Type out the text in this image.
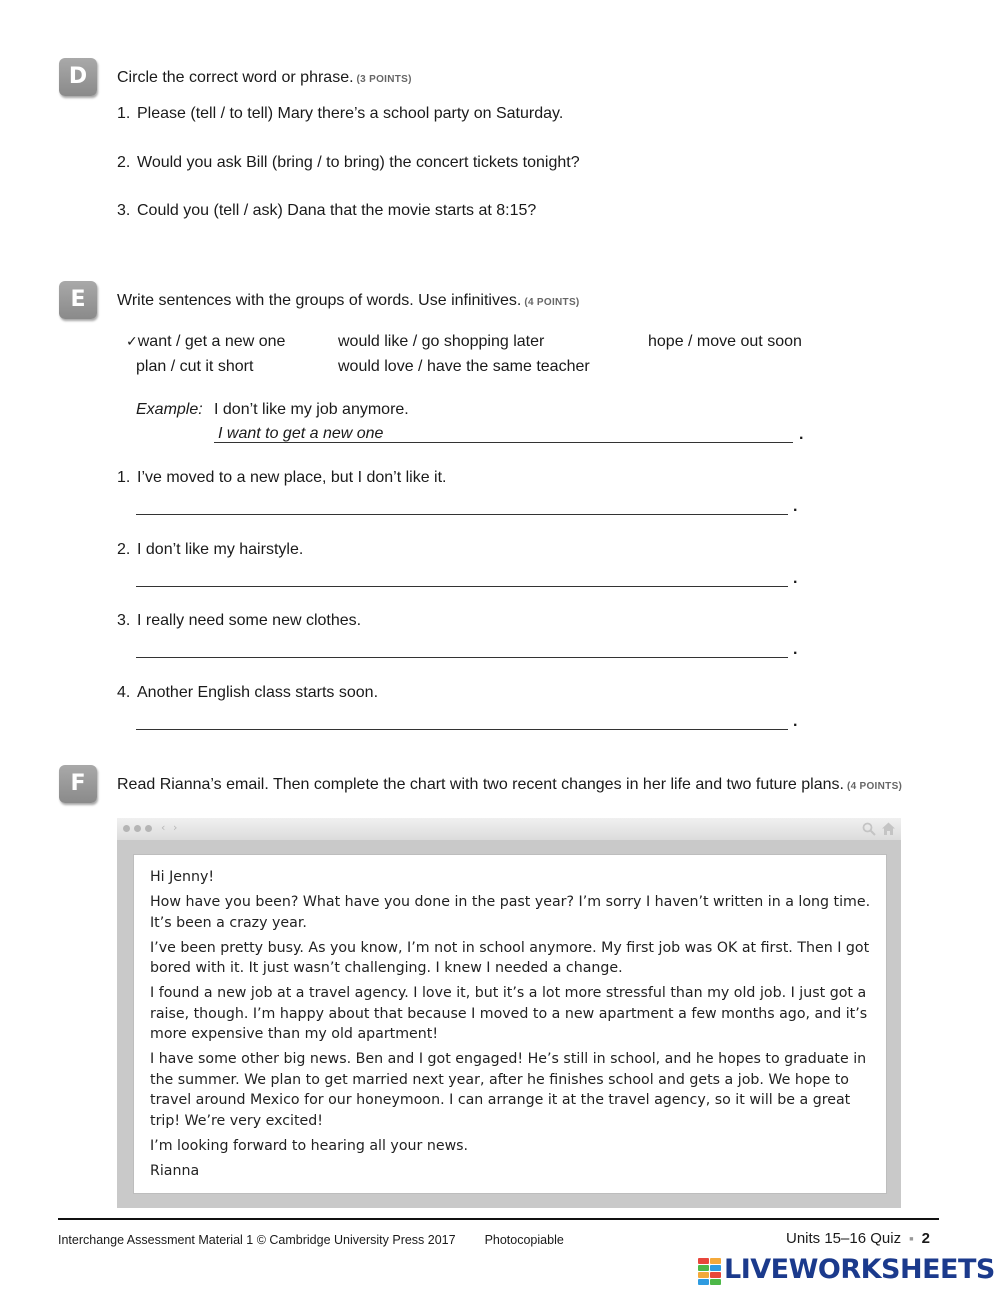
D	Circle the correct word or phrase. (3 POINTS)
1. Please (tell / to tell) Mary there’s a school party on Saturday.
2. Would you ask Bill (bring / to bring) the concert tickets tonight?
3. Could you (tell / ask) Dana that the movie starts at 8:15?
E	Write sentences with the groups of words. Use infinitives. (4 POINTS)
✓want / get a new one	would like / go shopping later	hope / move out soon
plan / cut it short	would love / have the same teacher
Example: I don’t like my job anymore.
I want to get a new one	.
1. I’ve moved to a new place, but I don’t like it.
.
2. I don’t like my hairstyle.
.
3. I really need some new clothes.
.
4. Another English class starts soon.
.
F	Read Rianna’s email. Then complete the chart with two recent changes in her life and two future plans. (4 POINTS)
‹ ›

Hi Jenny!

How have you been? What have you done in the past year? I’m sorry I haven’t written in a long time. It’s been a crazy year.

I’ve been pretty busy. As you know, I’m not in school anymore. My first job was OK at first. Then I got bored with it. It just wasn’t challenging. I knew I needed a change.

I found a new job at a travel agency. I love it, but it’s a lot more stressful than my old job. I just got a raise, though. I’m happy about that because I moved to a new apartment a few months ago, and it’s more expensive than my old apartment!

I have some other big news. Ben and I got engaged! He’s still in school, and he hopes to graduate in the summer. We plan to get married next year, after he finishes school and gets a job. We hope to travel around Mexico for our honeymoon. I can arrange it at the travel agency, so it will be a great trip! We’re very excited!

I’m looking forward to hearing all your news.

Rianna

Interchange Assessment Material 1 © Cambridge University Press 2017 Photocopiable	Units 15–16 Quiz ■ 2
LIVEWORKSHEETS
